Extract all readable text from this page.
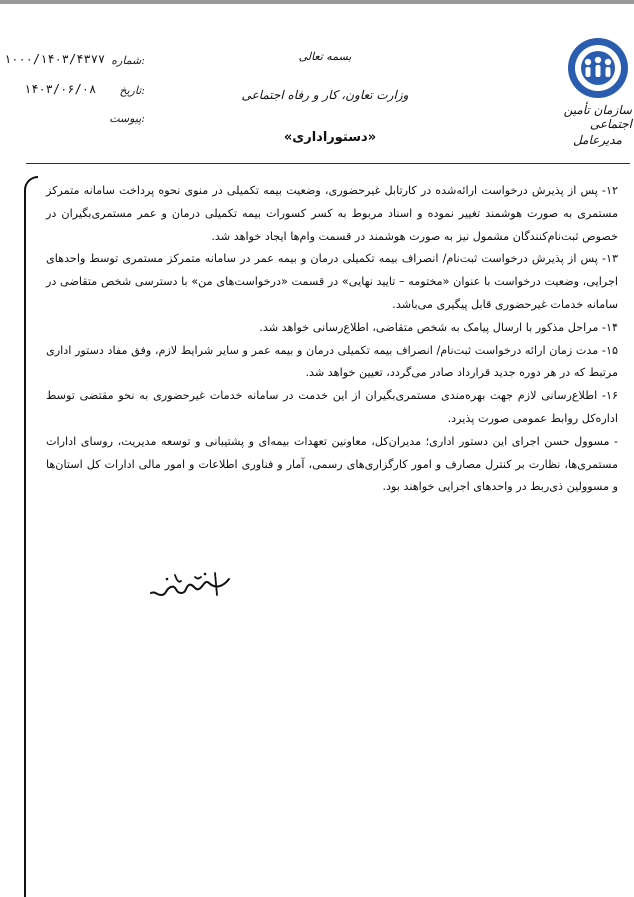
سازمان تأمین اجتماعی
مدیرعامل
بسمه تعالی
وزارت تعاون، کار و رفاه اجتماعی
«دستوراداری»
شماره:
۱۰۰۰/۱۴۰۳/۴۳۷۷
تاریخ:
۱۴۰۳/۰۶/۰۸
پیوست:

۱۲- پس از پذیرش درخواست ارائه‌شده در کارتابل غیرحضوری، وضعیت بیمه تکمیلی در منوی نحوه پرداخت سامانه متمرکز مستمری به صورت هوشمند تغییر نموده و اسناد مربوط به کسر کسورات بیمه تکمیلی درمان و عمر مستمری‌بگیران در خصوص ثبت‌نام‌کنندگان مشمول نیز به صورت هوشمند در قسمت وام‌ها ایجاد خواهد شد.

۱۳- پس از پذیرش درخواست ثبت‌نام/ انصراف بیمه تکمیلی درمان و بیمه عمر در سامانه متمرکز مستمری توسط واحدهای اجرایی، وضعیت درخواست با عنوان «مختومه – تایید نهایی» در قسمت «درخواست‌های من» با دسترسی شخص متقاضی در سامانه خدمات غیرحضوری قابل پیگیری می‌باشد.

۱۴- مراحل مذکور با ارسال پیامک به شخص متقاضی، اطلاع‌رسانی خواهد شد.

۱۵- مدت زمان ارائه درخواست ثبت‌نام/ انصراف بیمه تکمیلی درمان و بیمه عمر و سایر شرایط لازم، وفق مفاد دستور اداری مرتبط که در هر دوره جدید قرارداد صادر می‌گردد، تعیین خواهد شد.

۱۶- اطلاع‌رسانی لازم جهت بهره‌مندی مستمری‌بگیران از این خدمت در سامانه خدمات غیرحضوری به نحو مقتضی توسط اداره‌کل روابط عمومی صورت پذیرد.

- مسوول حسن اجرای این دستور اداری؛ مدیران‌کل، معاونین تعهدات بیمه‌ای و پشتیبانی و توسعه مدیریت، روسای ادارات مستمری‌ها، نظارت بر کنترل مصارف و امور کارگزاری‌های رسمی، آمار و فناوری اطلاعات و امور مالی ادارات کل استان‌ها و مسوولین ذی‌ربط در واحدهای اجرایی خواهند بود.
